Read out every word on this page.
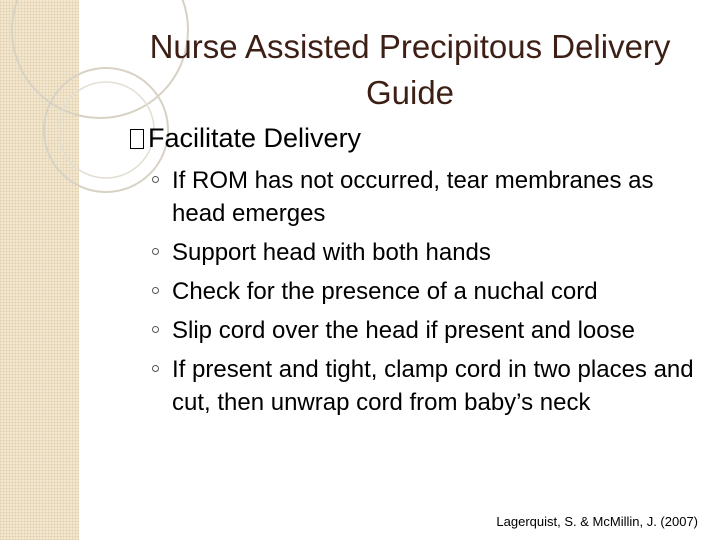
Nurse Assisted Precipitous Delivery Guide
Facilitate Delivery
If ROM has not occurred, tear membranes as head emerges
Support head with both hands
Check for the presence of a nuchal cord
Slip cord over the head if present and loose
If present and tight, clamp cord in two places and cut, then unwrap cord from baby’s neck
Lagerquist, S. & McMillin, J. (2007)
